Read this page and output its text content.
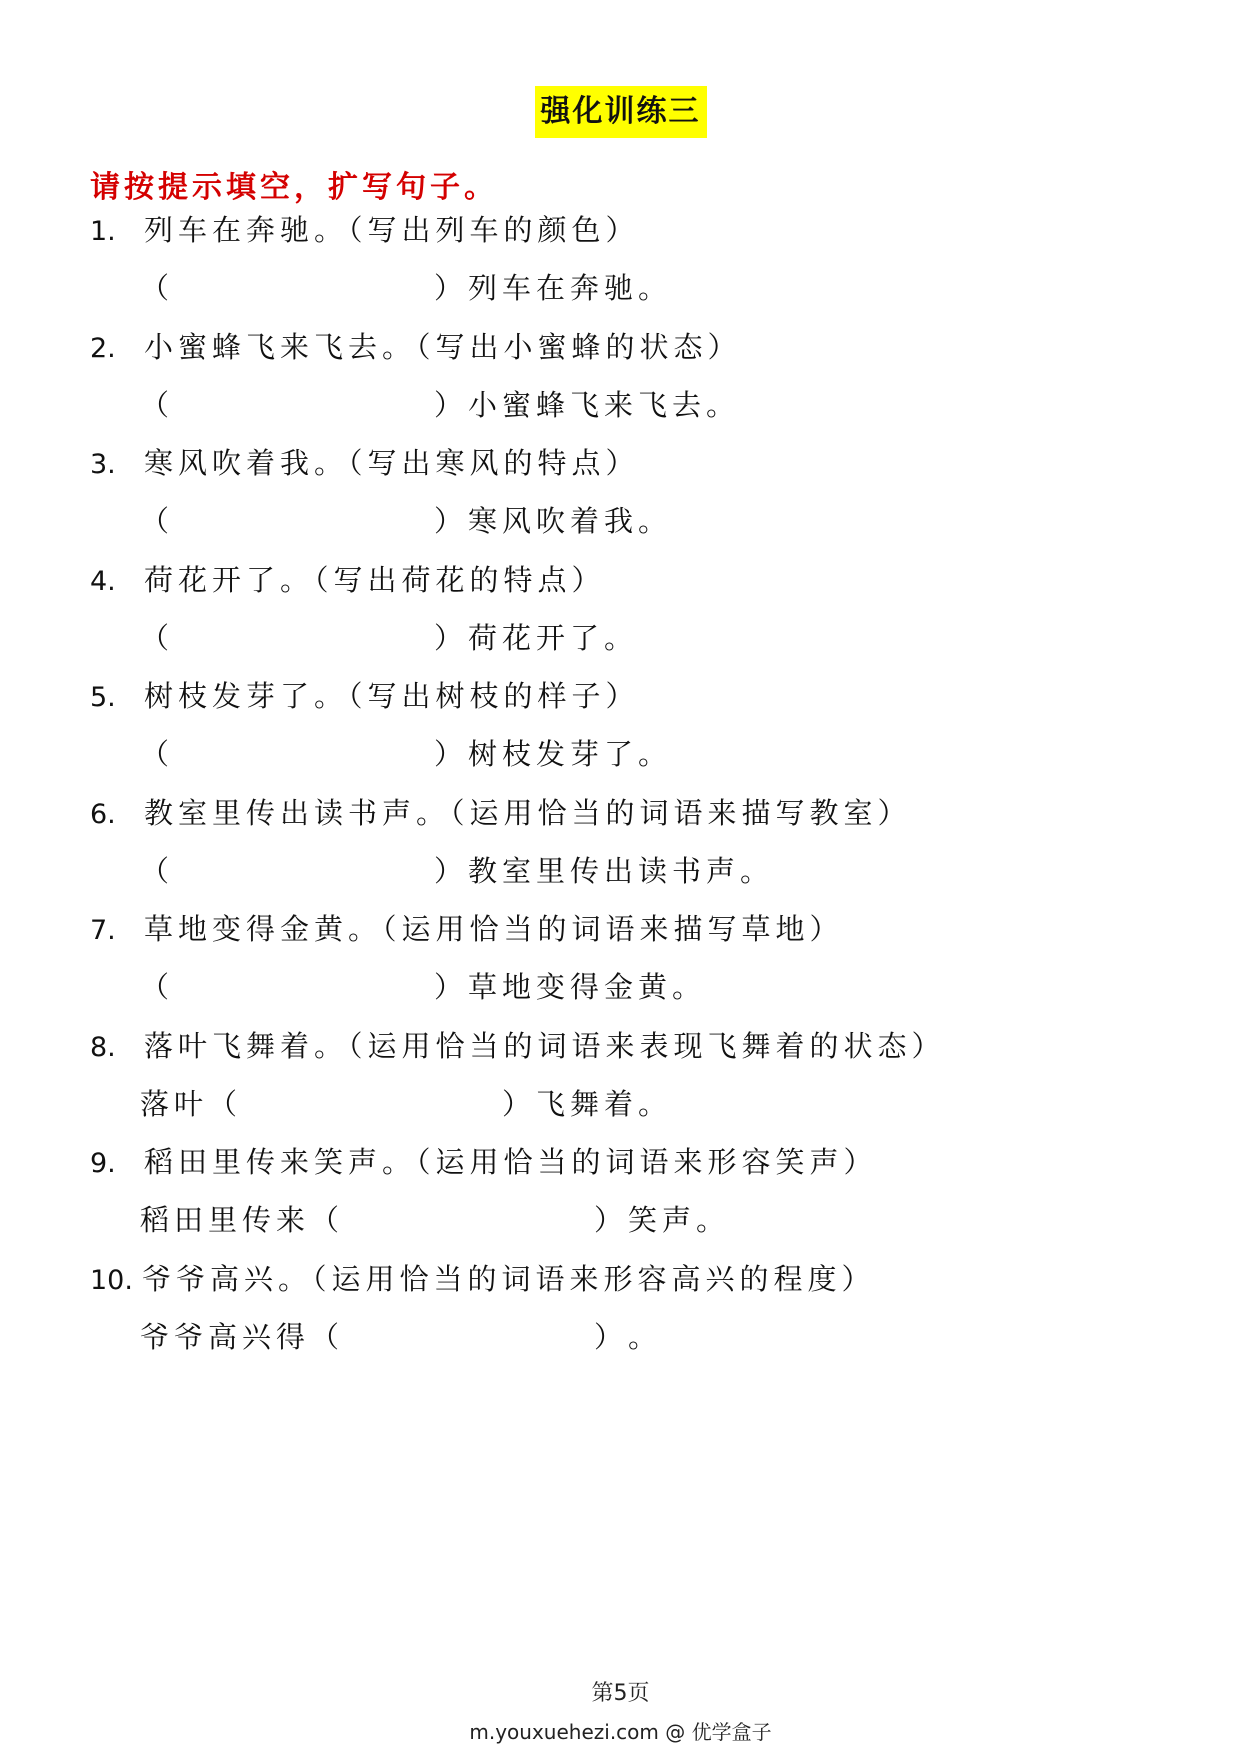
强化训练三
请按提示填空，扩写句子。
1. 列车在奔驰。（写出列车的颜色）
（	）列车在奔驰。
2. 小蜜蜂飞来飞去。（写出小蜜蜂的状态）
（	）小蜜蜂飞来飞去。
3. 寒风吹着我。（写出寒风的特点）
（	）寒风吹着我。
4. 荷花开了。（写出荷花的特点）
（	）荷花开了。
5. 树枝发芽了。（写出树枝的样子）
（	）树枝发芽了。
6. 教室里传出读书声。（运用恰当的词语来描写教室）
（	）教室里传出读书声。
7. 草地变得金黄。（运用恰当的词语来描写草地）
（	）草地变得金黄。
8. 落叶飞舞着。（运用恰当的词语来表现飞舞着的状态）
落叶（	）飞舞着。
9. 稻田里传来笑声。（运用恰当的词语来形容笑声）
稻田里传来（	）笑声。
10. 爷爷高兴。（运用恰当的词语来形容高兴的程度）
爷爷高兴得（	）。
第5页
m.youxuehezi.com @ 优学盒子
